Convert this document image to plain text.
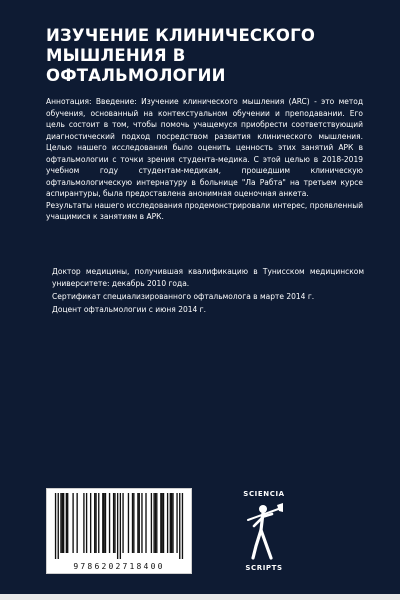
ИЗУЧЕНИЕ КЛИНИЧЕСКОГО
МЫШЛЕНИЯ В
ОФТАЛЬМОЛОГИИ

Аннотация: Введение: Изучение клинического мышления (ARC) - это метод обучения, основанный на контекстуальном обучении и преподавании. Его цель состоит в том, чтобы помочь учащемуся приобрести соответствующий диагностический подход посредством развития клинического мышления. Целью нашего исследования было оценить ценность этих занятий АРК в офтальмологии с точки зрения студента-медика. С этой целью в 2018-2019 учебном году студентам-медикам, прошедшим клиническую офтальмологическую интернатуру в больнице "Ла Рабта" на третьем курсе аспирантуры, была предоставлена анонимная оценочная анкета.

Результаты нашего исследования продемонстрировали интерес, проявленный учащимися к занятиям в АРК.

Доктор медицины, получившая квалификацию в Тунисском медицинском университете: декабрь 2010 года.

Сертификат специализированного офтальмолога в марте 2014 г.

Доцент офтальмологии с июня 2014 г.

9786202718400
SCIENCIA
SCRIPTS
